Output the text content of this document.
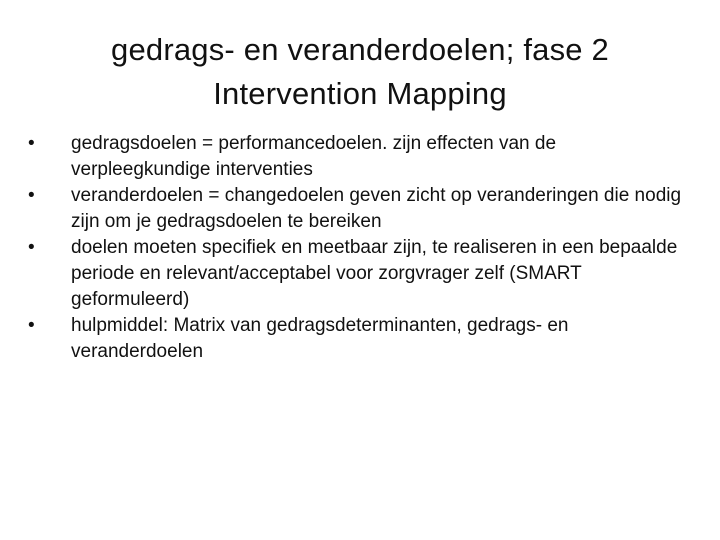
gedrags- en veranderdoelen; fase 2
Intervention Mapping
•	gedragsdoelen = performancedoelen. zijn effecten van de verpleegkundige interventies
•	veranderdoelen = changedoelen geven zicht op veranderingen die nodig zijn om je gedragsdoelen te bereiken
•	doelen moeten specifiek en meetbaar zijn, te realiseren in een bepaalde periode en relevant/acceptabel voor zorgvrager zelf (SMART geformuleerd)
•	hulpmiddel: Matrix van gedragsdeterminanten, gedrags- en veranderdoelen
